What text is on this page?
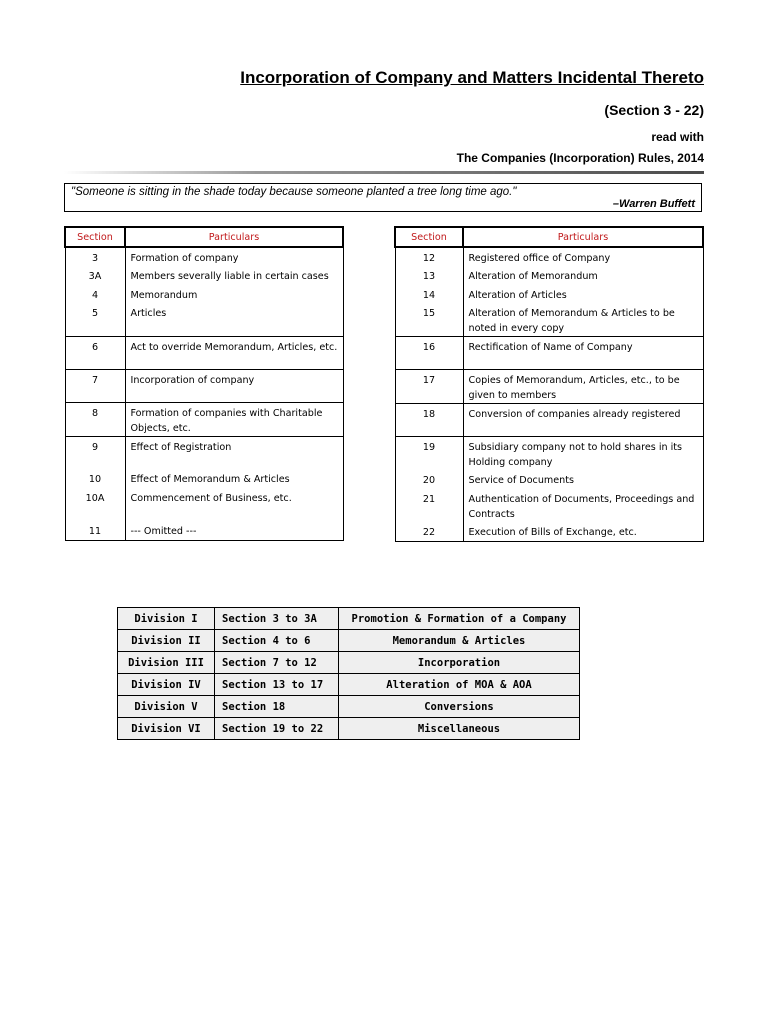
Incorporation of Company and Matters Incidental Thereto
(Section 3 - 22)
read with
The Companies (Incorporation) Rules, 2014
"Someone is sitting in the shade today because someone planted a tree long time ago."
–Warren Buffett
Section	Particulars
3	Formation of company
3A	Members severally liable in certain cases
4	Memorandum
5	Articles
6	Act to override Memorandum, Articles, etc.
7	Incorporation of company
8	Formation of companies with Charitable Objects, etc.
9	Effect of Registration
10	Effect of Memorandum & Articles
10A	Commencement of Business, etc.
11	--- Omitted ---
Section	Particulars
12	Registered office of Company
13	Alteration of Memorandum
14	Alteration of Articles
15	Alteration of Memorandum & Articles to be noted in every copy
16	Rectification of Name of Company
17	Copies of Memorandum, Articles, etc., to be given to members
18	Conversion of companies already registered
19	Subsidiary company not to hold shares in its Holding company
20	Service of Documents
21	Authentication of Documents, Proceedings and Contracts
22	Execution of Bills of Exchange, etc.
Division I	Section 3 to 3A	Promotion & Formation of a Company
Division II	Section 4 to 6	Memorandum & Articles
Division III	Section 7 to 12	Incorporation
Division IV	Section 13 to 17	Alteration of MOA & AOA
Division V	Section 18	Conversions
Division VI	Section 19 to 22	Miscellaneous
